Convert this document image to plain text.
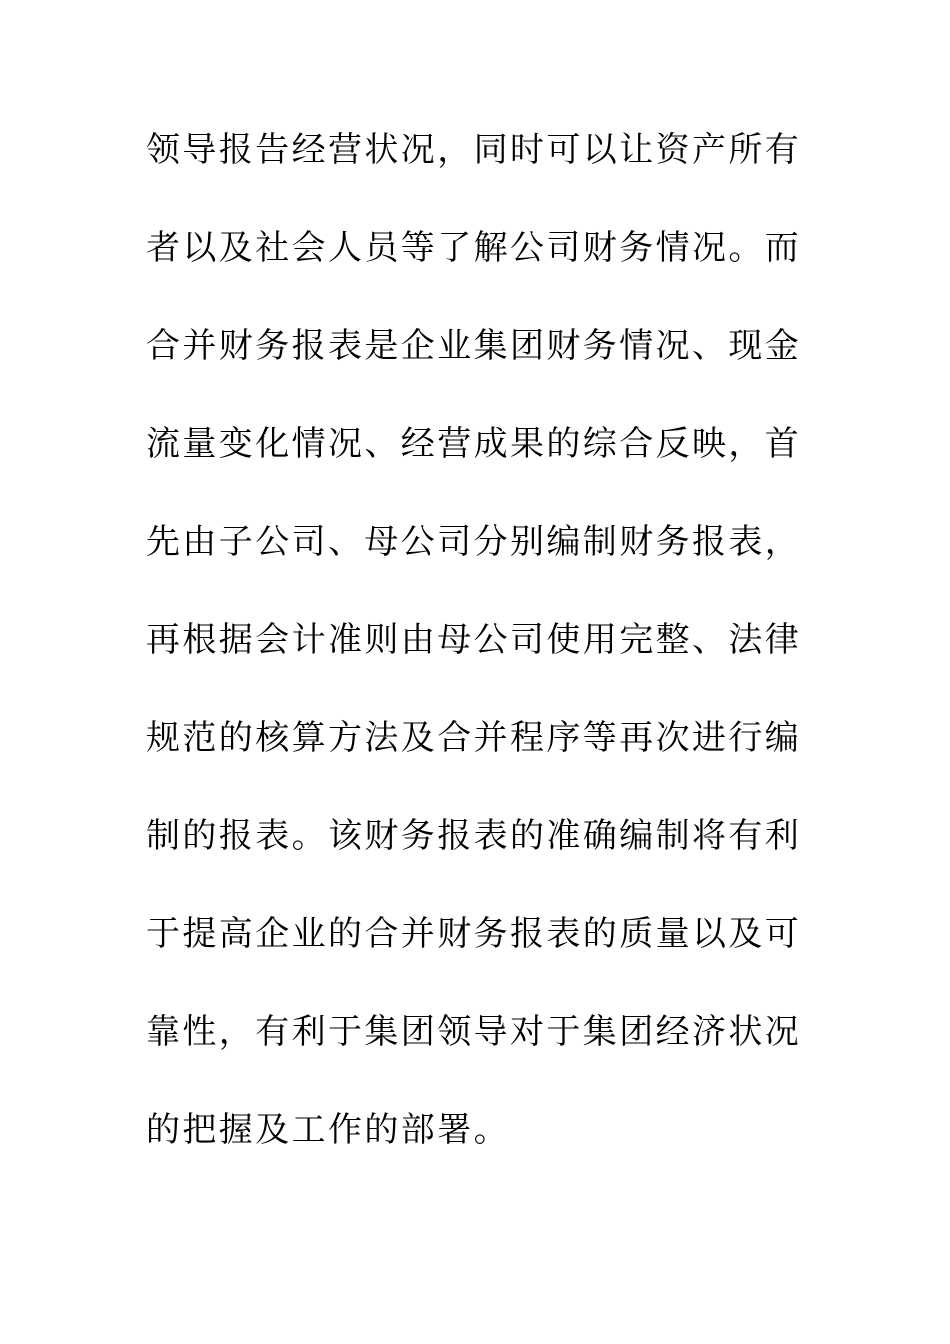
领导报告经营状况，同时可以让资产所有
者以及社会人员等了解公司财务情况。而
合并财务报表是企业集团财务情况、现金
流量变化情况、经营成果的综合反映，首
先由子公司、母公司分别编制财务报表，
再根据会计准则由母公司使用完整、法律
规范的核算方法及合并程序等再次进行编
制的报表。该财务报表的准确编制将有利
于提高企业的合并财务报表的质量以及可
靠性，有利于集团领导对于集团经济状况
的把握及工作的部署。
